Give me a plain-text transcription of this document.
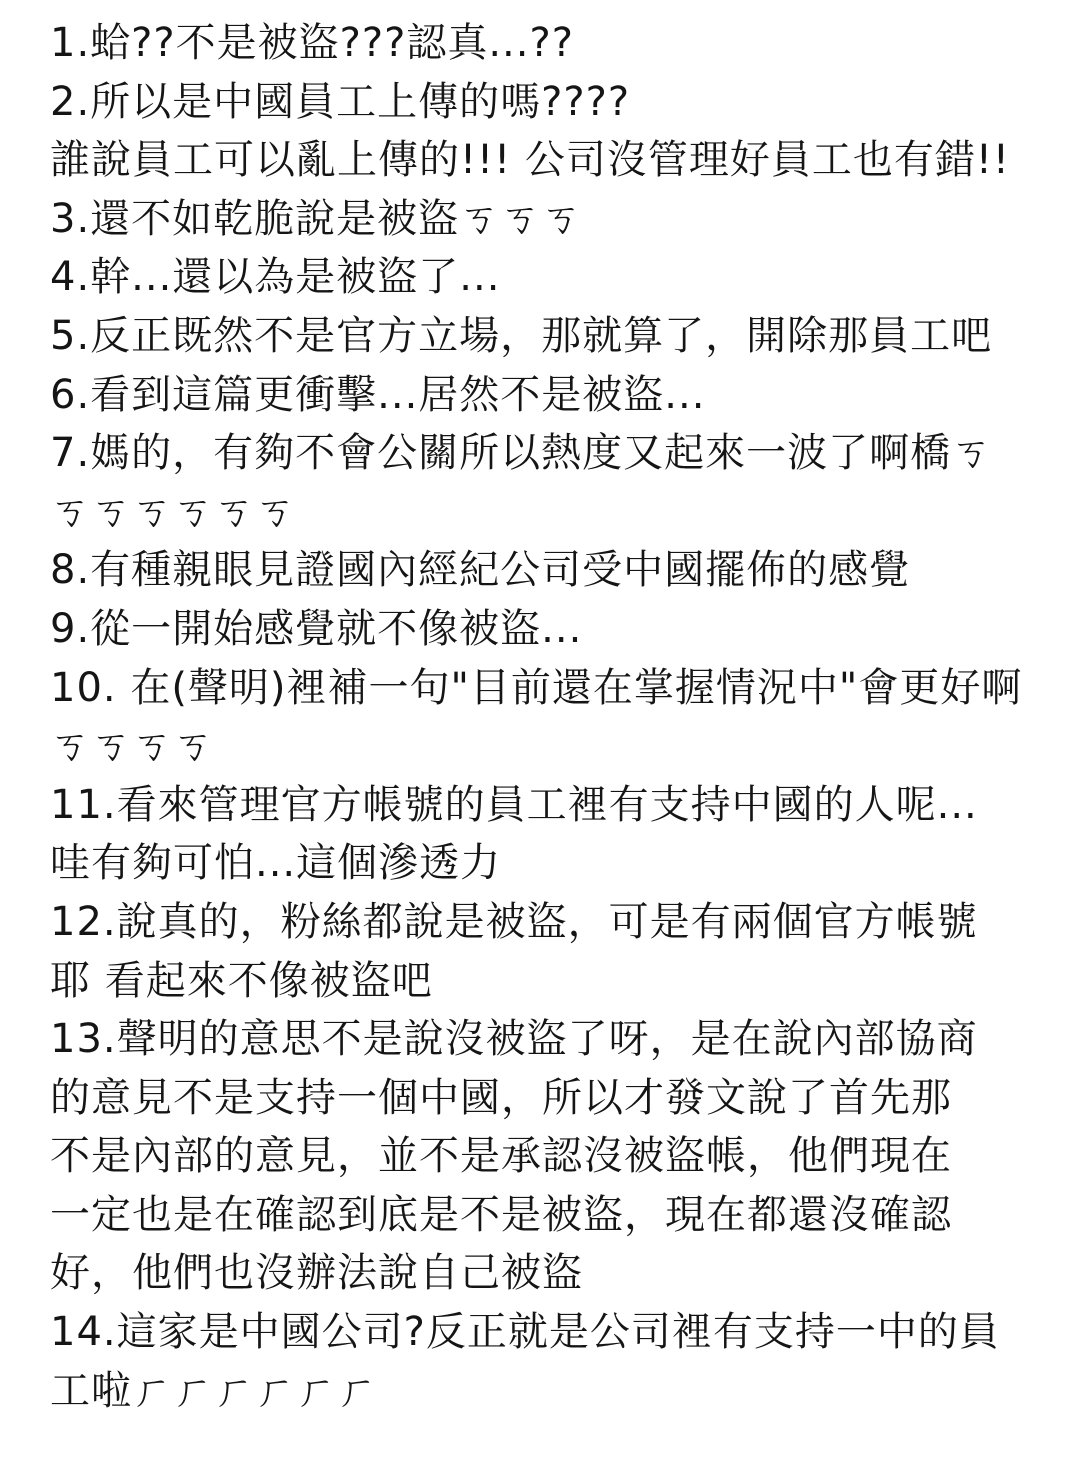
1.蛤??不是被盜???認真...??
2.所以是中國員工上傳的嗎????
誰說員工可以亂上傳的!!! 公司沒管理好員工也有錯!!
3.還不如乾脆說是被盜ㄎㄎㄎ
4.幹...還以為是被盜了...
5.反正既然不是官方立場，那就算了，開除那員工吧
6.看到這篇更衝擊...居然不是被盜...
7.媽的，有夠不會公關所以熱度又起來一波了啊橋ㄎ
ㄎㄎㄎㄎㄎㄎ
8.有種親眼見證國內經紀公司受中國擺佈的感覺
9.從一開始感覺就不像被盜...
10. 在(聲明)裡補一句"目前還在掌握情況中"會更好啊
ㄎㄎㄎㄎ
11.看來管理官方帳號的員工裡有支持中國的人呢...
哇有夠可怕...這個滲透力
12.說真的，粉絲都說是被盜，可是有兩個官方帳號
耶 看起來不像被盜吧
13.聲明的意思不是說沒被盜了呀，是在說內部協商
的意見不是支持一個中國，所以才發文說了首先那
不是內部的意見，並不是承認沒被盜帳，他們現在
一定也是在確認到底是不是被盜，現在都還沒確認
好，他們也沒辦法說自己被盜
14.這家是中國公司?反正就是公司裡有支持一中的員
工啦ㄏㄏㄏㄏㄏㄏ
